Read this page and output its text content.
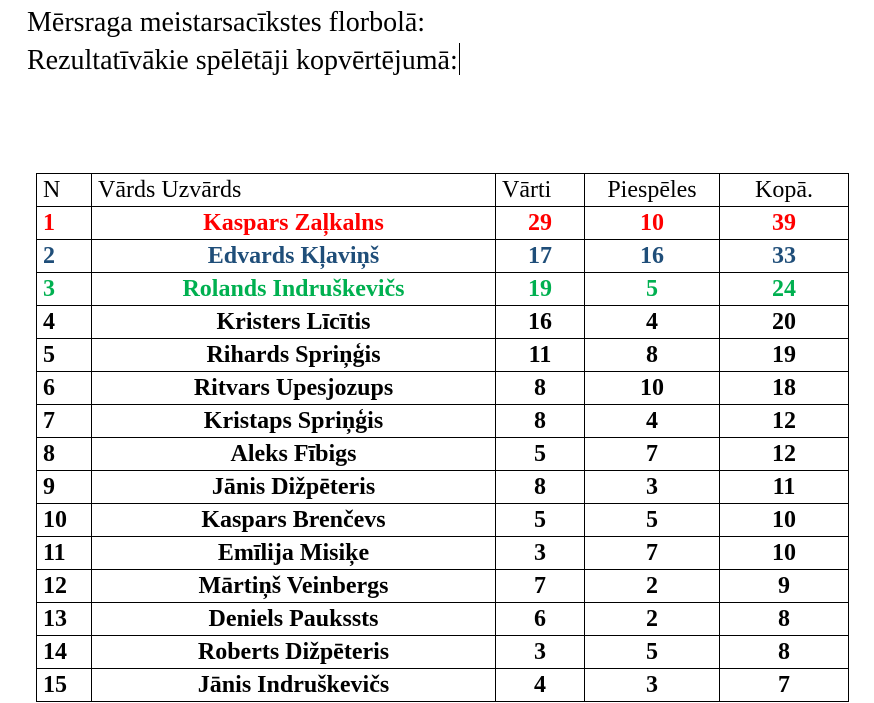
Mērsraga meistarsacīkstes florbolā:
Rezultatīvākie spēlētāji kopvērtējumā:
N	Vārds Uzvārds	Vārti	Piespēles	Kopā.
1	Kaspars Zaļkalns	29	10	39
2	Edvards Kļaviņš	17	16	33
3	Rolands Indruškevičs	19	5	24
4	Kristers Līcītis	16	4	20
5	Rihards Spriņģis	11	8	19
6	Ritvars Upesjozups	8	10	18
7	Kristaps Spriņģis	8	4	12
8	Aleks Fībigs	5	7	12
9	Jānis Dižpēteris	8	3	11
10	Kaspars Brenčevs	5	5	10
11	Emīlija Misiķe	3	7	10
12	Mārtiņš Veinbergs	7	2	9
13	Deniels Paukssts	6	2	8
14	Roberts Dižpēteris	3	5	8
15	Jānis Indruškevičs	4	3	7
